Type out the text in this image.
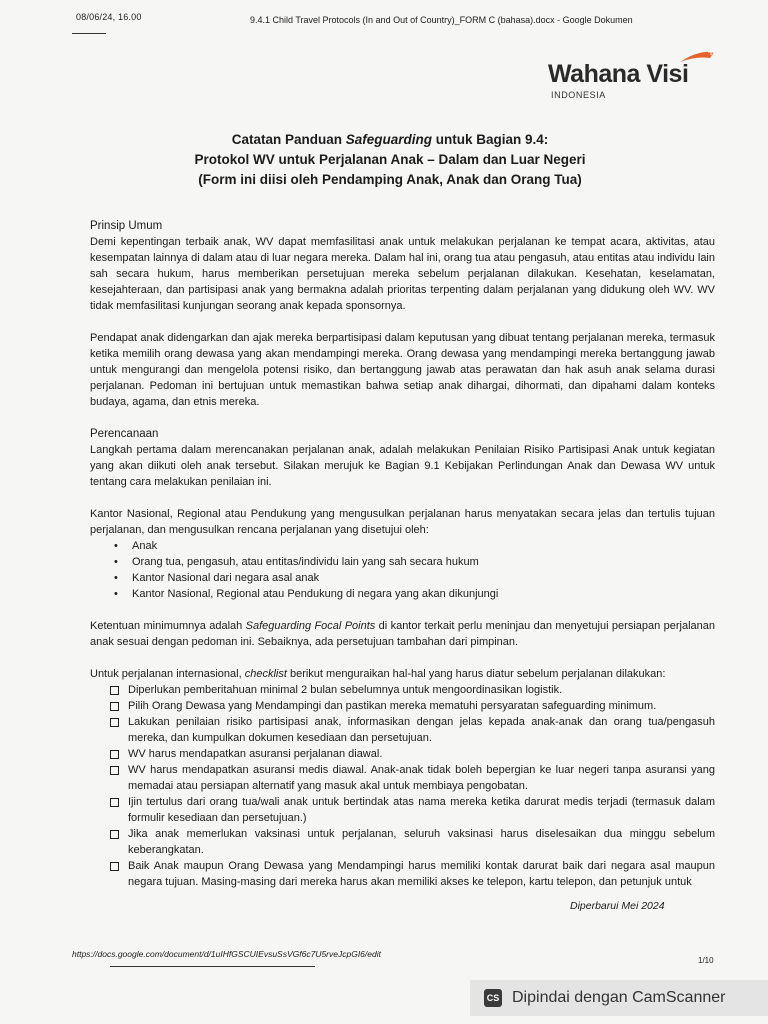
08/06/24, 16.00	9.4.1 Child Travel Protocols (In and Out of Country)_FORM C (bahasa).docx - Google Dokumen
Wahana Visi
INDONESIA
Catatan Panduan Safeguarding untuk Bagian 9.4:
Protokol WV untuk Perjalanan Anak – Dalam dan Luar Negeri
(Form ini diisi oleh Pendamping Anak, Anak dan Orang Tua)
Prinsip Umum

Demi kepentingan terbaik anak, WV dapat memfasilitasi anak untuk melakukan perjalanan ke tempat acara, aktivitas, atau kesempatan lainnya di dalam atau di luar negara mereka. Dalam hal ini, orang tua atau pengasuh, atau entitas atau individu lain sah secara hukum, harus memberikan persetujuan mereka sebelum perjalanan dilakukan. Kesehatan, keselamatan, kesejahteraan, dan partisipasi anak yang bermakna adalah prioritas terpenting dalam perjalanan yang didukung oleh WV. WV tidak memfasilitasi kunjungan seorang anak kepada sponsornya.

Pendapat anak didengarkan dan ajak mereka berpartisipasi dalam keputusan yang dibuat tentang perjalanan mereka, termasuk ketika memilih orang dewasa yang akan mendampingi mereka. Orang dewasa yang mendampingi mereka bertanggung jawab untuk mengurangi dan mengelola potensi risiko, dan bertanggung jawab atas perawatan dan hak asuh anak selama durasi perjalanan. Pedoman ini bertujuan untuk memastikan bahwa setiap anak dihargai, dihormati, dan dipahami dalam konteks budaya, agama, dan etnis mereka.

Perencanaan

Langkah pertama dalam merencanakan perjalanan anak, adalah melakukan Penilaian Risiko Partisipasi Anak untuk kegiatan yang akan diikuti oleh anak tersebut. Silakan merujuk ke Bagian 9.1 Kebijakan Perlindungan Anak dan Dewasa WV untuk tentang cara melakukan penilaian ini.

Kantor Nasional, Regional atau Pendukung yang mengusulkan perjalanan harus menyatakan secara jelas dan tertulis tujuan perjalanan, dan mengusulkan rencana perjalanan yang disetujui oleh:

• Anak
• Orang tua, pengasuh, atau entitas/individu lain yang sah secara hukum
• Kantor Nasional dari negara asal anak
• Kantor Nasional, Regional atau Pendukung di negara yang akan dikunjungi

Ketentuan minimumnya adalah Safeguarding Focal Points di kantor terkait perlu meninjau dan menyetujui persiapan perjalanan anak sesuai dengan pedoman ini. Sebaiknya, ada persetujuan tambahan dari pimpinan.

Untuk perjalanan internasional, checklist berikut menguraikan hal-hal yang harus diatur sebelum perjalanan dilakukan:

Diperlukan pemberitahuan minimal 2 bulan sebelumnya untuk mengoordinasikan logistik.
Pilih Orang Dewasa yang Mendampingi dan pastikan mereka mematuhi persyaratan safeguarding minimum.
Lakukan penilaian risiko partisipasi anak, informasikan dengan jelas kepada anak-anak dan orang tua/pengasuh mereka, dan kumpulkan dokumen kesediaan dan persetujuan.
WV harus mendapatkan asuransi perjalanan diawal.
WV harus mendapatkan asuransi medis diawal. Anak-anak tidak boleh bepergian ke luar negeri tanpa asuransi yang memadai atau persiapan alternatif yang masuk akal untuk membiaya pengobatan.
Ijin tertulus dari orang tua/wali anak untuk bertindak atas nama mereka ketika darurat medis terjadi (termasuk dalam formulir kesediaan dan persetujuan.)
Jika anak memerlukan vaksinasi untuk perjalanan, seluruh vaksinasi harus diselesaikan dua minggu sebelum keberangkatan.
Baik Anak maupun Orang Dewasa yang Mendampingi harus memiliki kontak darurat baik dari negara asal maupun negara tujuan. Masing-masing dari mereka harus akan memiliki akses ke telepon, kartu telepon, dan petunjuk untuk
Diperbarui Mei 2024
https://docs.google.com/document/d/1uIHfGSCUIEvsuSsVGf6c7U5rveJcpGI6/edit
1/10
CS Dipindai dengan CamScanner
